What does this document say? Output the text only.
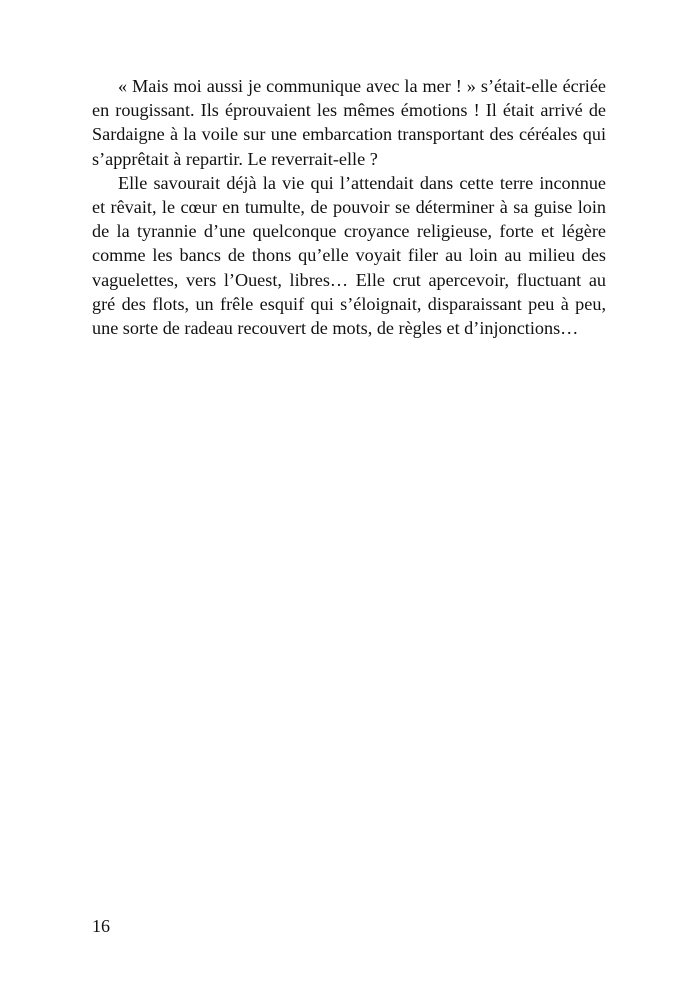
« Mais moi aussi je communique avec la mer ! » s’était-elle écriée
en rougissant. Ils éprouvaient les mêmes émotions ! Il était arrivé de
Sardaigne à la voile sur une embarcation transportant des céréales qui
s’apprêtait à repartir. Le reverrait-elle ?
Elle savourait déjà la vie qui l’attendait dans cette terre inconnue
et rêvait, le cœur en tumulte, de pouvoir se déterminer à sa guise loin
de la tyrannie d’une quelconque croyance religieuse, forte et légère
comme les bancs de thons qu’elle voyait filer au loin au milieu des
vaguelettes, vers l’Ouest, libres… Elle crut apercevoir, fluctuant au
gré des flots, un frêle esquif qui s’éloignait, disparaissant peu à peu,
une sorte de radeau recouvert de mots, de règles et d’injonctions…
16
